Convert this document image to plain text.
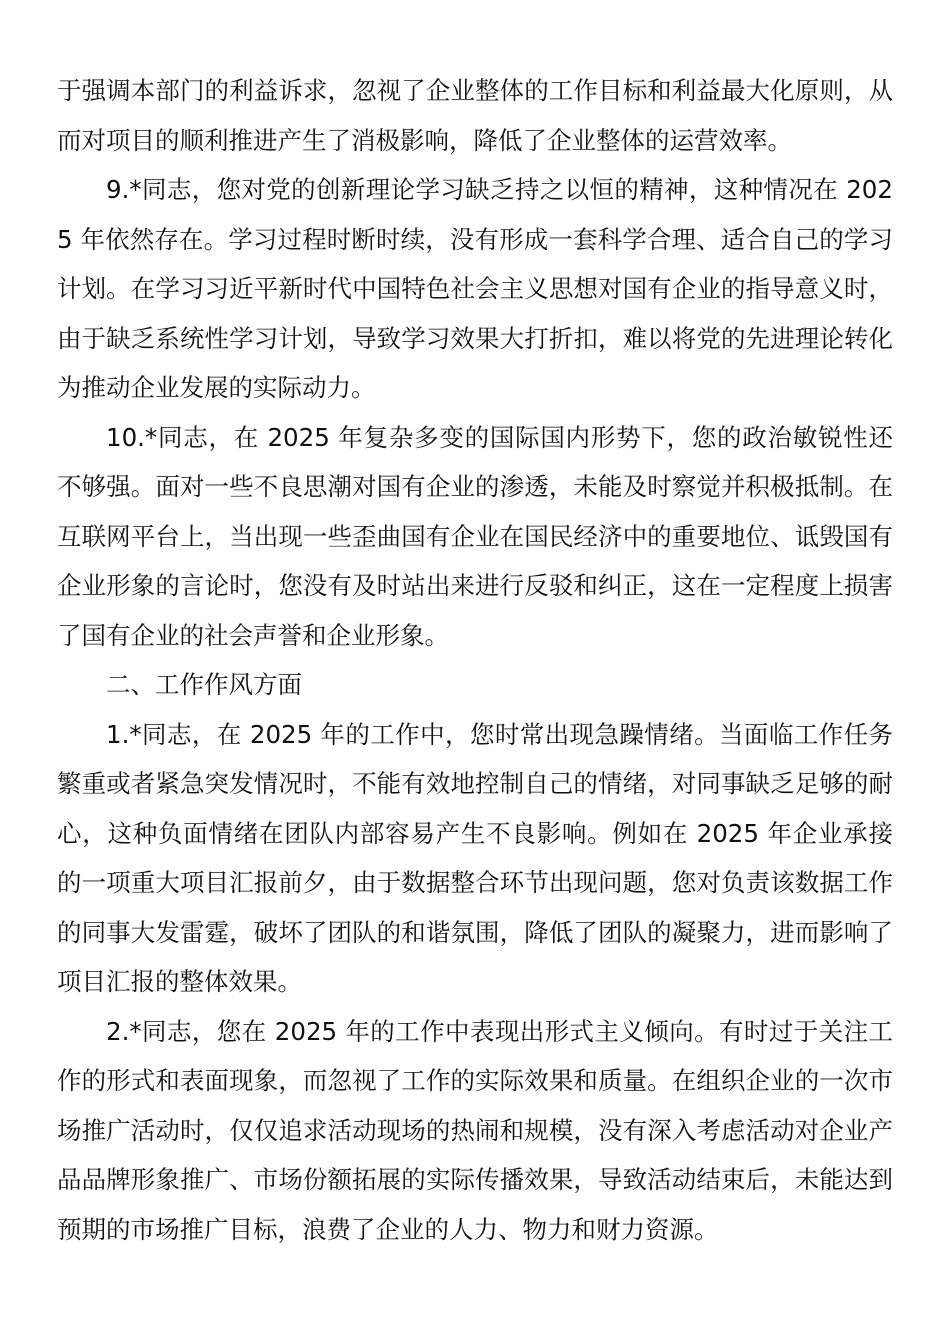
于强调本部门的利益诉求，忽视了企业整体的工作目标和利益最大化原则，从而对项目的顺利推进产生了消极影响，降低了企业整体的运营效率。

9.*同志，您对党的创新理论学习缺乏持之以恒的精神，这种情况在 2025 年依然存在。学习过程时断时续，没有形成一套科学合理、适合自己的学习计划。在学习习近平新时代中国特色社会主义思想对国有企业的指导意义时，由于缺乏系统性学习计划，导致学习效果大打折扣，难以将党的先进理论转化为推动企业发展的实际动力。

10.*同志，在 2025 年复杂多变的国际国内形势下，您的政治敏锐性还不够强。面对一些不良思潮对国有企业的渗透，未能及时察觉并积极抵制。在互联网平台上，当出现一些歪曲国有企业在国民经济中的重要地位、诋毁国有企业形象的言论时，您没有及时站出来进行反驳和纠正，这在一定程度上损害了国有企业的社会声誉和企业形象。

二、工作作风方面

1.*同志，在 2025 年的工作中，您时常出现急躁情绪。当面临工作任务繁重或者紧急突发情况时，不能有效地控制自己的情绪，对同事缺乏足够的耐心，这种负面情绪在团队内部容易产生不良影响。例如在 2025 年企业承接的一项重大项目汇报前夕，由于数据整合环节出现问题，您对负责该数据工作的同事大发雷霆，破坏了团队的和谐氛围，降低了团队的凝聚力，进而影响了项目汇报的整体效果。

2.*同志，您在 2025 年的工作中表现出形式主义倾向。有时过于关注工作的形式和表面现象，而忽视了工作的实际效果和质量。在组织企业的一次市场推广活动时，仅仅追求活动现场的热闹和规模，没有深入考虑活动对企业产品品牌形象推广、市场份额拓展的实际传播效果，导致活动结束后，未能达到预期的市场推广目标，浪费了企业的人力、物力和财力资源。
